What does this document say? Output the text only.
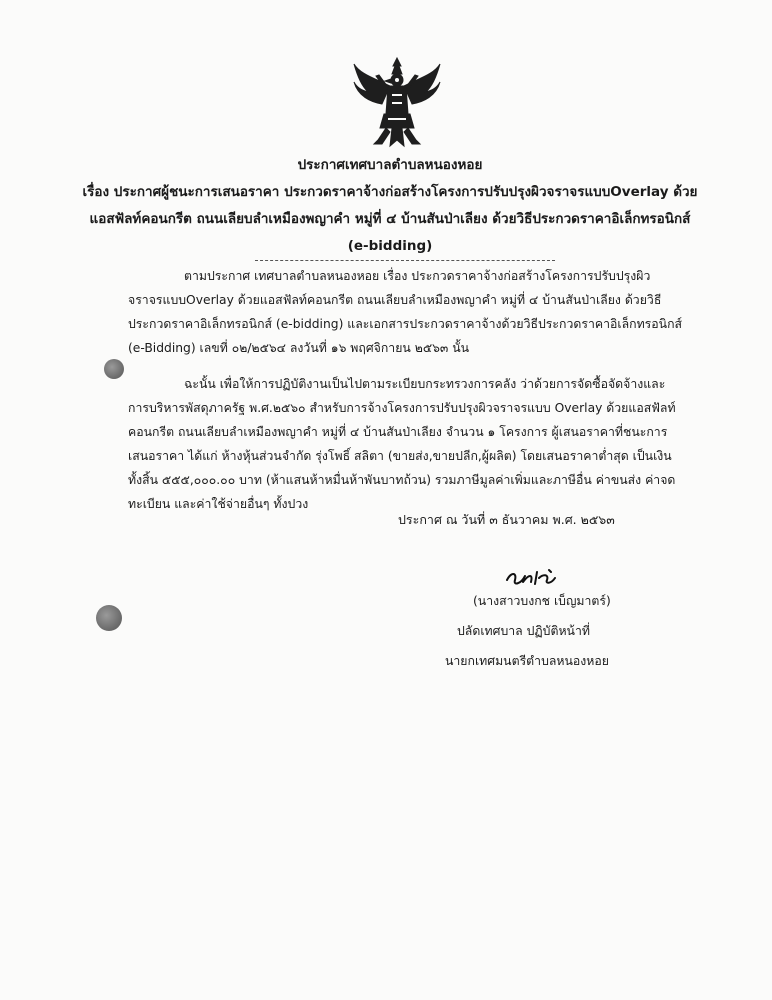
ประกาศเทศบาลตำบลหนองหอย
เรื่อง ประกาศผู้ชนะการเสนอราคา ประกวดราคาจ้างก่อสร้างโครงการปรับปรุงผิวจราจรแบบOverlay ด้วยแอสฟัลท์คอนกรีต ถนนเลียบลำเหมืองพญาคำ หมู่ที่ ๔ บ้านสันป่าเลียง ด้วยวิธีประกวดราคาอิเล็กทรอนิกส์ (e-bidding)
ตามประกาศ เทศบาลตำบลหนองหอย เรื่อง ประกวดราคาจ้างก่อสร้างโครงการปรับปรุงผิวจราจรแบบOverlay ด้วยแอสฟัลท์คอนกรีต ถนนเลียบลำเหมืองพญาคำ หมู่ที่ ๔ บ้านสันป่าเลียง ด้วยวิธีประกวดราคาอิเล็กทรอนิกส์ (e-bidding) และเอกสารประกวดราคาจ้างด้วยวิธีประกวดราคาอิเล็กทรอนิกส์ (e-Bidding) เลขที่ ๐๒/๒๕๖๔ ลงวันที่ ๑๖ พฤศจิกายน ๒๕๖๓ นั้น
ฉะนั้น เพื่อให้การปฏิบัติงานเป็นไปตามระเบียบกระทรวงการคลัง ว่าด้วยการจัดซื้อจัดจ้างและการบริหารพัสดุภาครัฐ พ.ศ.๒๕๖๐ สำหรับการจ้างโครงการปรับปรุงผิวจราจรแบบ Overlay ด้วยแอสฟัลท์คอนกรีต ถนนเลียบลำเหมืองพญาคำ หมู่ที่ ๔ บ้านสันป่าเลียง จำนวน ๑ โครงการ ผู้เสนอราคาที่ชนะการเสนอราคา ได้แก่ ห้างหุ้นส่วนจำกัด รุ่งโพธิ์ สลิตา (ขายส่ง,ขายปลีก,ผู้ผลิต) โดยเสนอราคาต่ำสุด เป็นเงินทั้งสิ้น ๕๕๕,๐๐๐.๐๐ บาท (ห้าแสนห้าหมื่นห้าพันบาทถ้วน) รวมภาษีมูลค่าเพิ่มและภาษีอื่น ค่าขนส่ง ค่าจดทะเบียน และค่าใช้จ่ายอื่นๆ ทั้งปวง
ประกาศ ณ วันที่ ๓ ธันวาคม พ.ศ. ๒๕๖๓
(นางสาวบงกช เบ็ญมาตร์)
ปลัดเทศบาล ปฏิบัติหน้าที่
นายกเทศมนตรีตำบลหนองหอย
